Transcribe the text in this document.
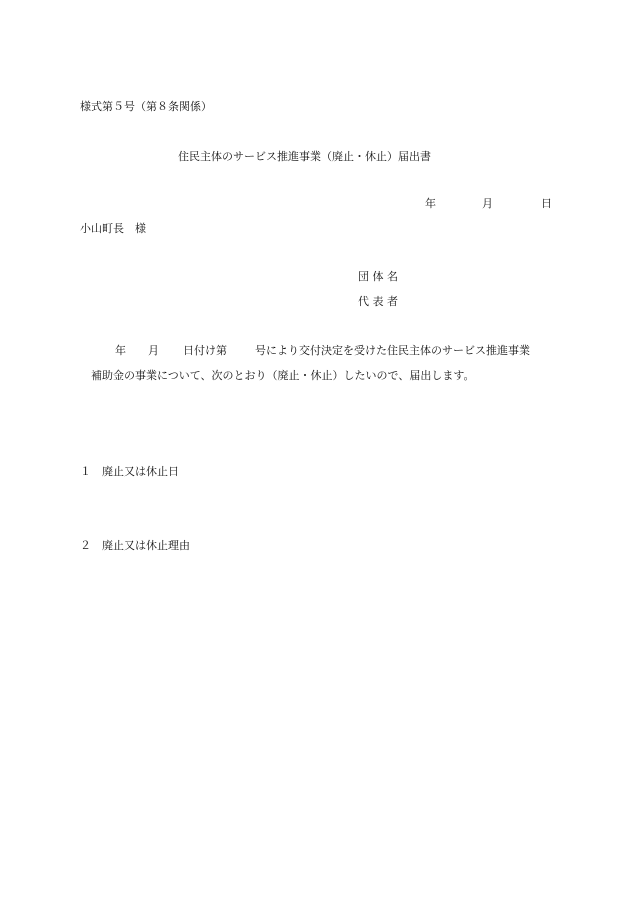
様式第５号（第８条関係）
住民主体のサービス推進事業（廃止・休止）届出書
年	月	日
小山町長　様
団 体 名
代 表 者
年 月 日付け第	号により交付決定を受けた住民主体のサービス推進事業
補助金の事業について、次のとおり（廃止・休止）したいので、届出します。
１ 廃止又は休止日
２ 廃止又は休止理由
